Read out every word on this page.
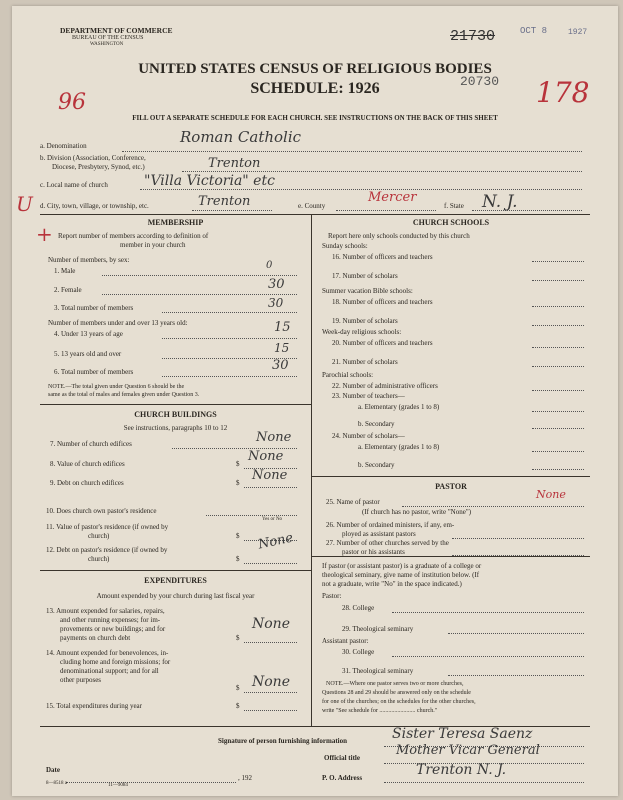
DEPARTMENT OF COMMERCE
BUREAU OF THE CENSUS
WASHINGTON	21730	OCT 8	1927
UNITED STATES CENSUS OF RELIGIOUS BODIES
SCHEDULE: 1926	20730
96	178
FILL OUT A SEPARATE SCHEDULE FOR EACH CHURCH. SEE INSTRUCTIONS ON THE BACK OF THIS SHEET
a. Denomination	Roman Catholic
b. Division (Association, Conference,
Diocese, Presbytery, Synod, etc.)	Trenton
c. Local name of church	"Villa Victoria" etc
U d. City, town, village, or township, etc.	Trenton	e. County
Mercer
f. State N. J.
MEMBERSHIP
+ Report number of members according to definition of
member in your church
Number of members, by sex:
1. Male	0
2. Female	30
3. Total number of members	30
Number of members under and over 13 years old:
4. Under 13 years of age	15
5. 13 years old and over	15
6. Total number of members	30
NOTE.—The total given under Question 6 should be the
same as the total of males and females given under Question 3.
CHURCH BUILDINGS
See instructions, paragraphs 10 to 12
7. Number of church edifices	None
8. Value of church edifices	$ None
9. Debt on church edifices	$ None
10. Does church own pastor's residence
Yes or No
11. Value of pastor's residence (if owned by
church)	$
12. Debt on pastor's residence (if owned by
church)	$
None
EXPENDITURES
Amount expended by your church during last fiscal year
13. Amount expended for salaries, repairs,
and other running expenses; for im-
provements or new buildings; and for
payments on church debt	$
None
14. Amount expended for benevolences, in-
cluding home and foreign missions; for
denominational support; and for all
other purposes
$ None
15. Total expenditures during year	$
CHURCH SCHOOLS
Report here only schools conducted by this church
Sunday schools:
16. Number of officers and teachers
17. Number of scholars
Summer vacation Bible schools:
18. Number of officers and teachers
19. Number of scholars
Week-day religious schools:
20. Number of officers and teachers
21. Number of scholars
Parochial schools:
22. Number of administrative officers
23. Number of teachers—
a. Elementary (grades 1 to 8)
b. Secondary
24. Number of scholars—
a. Elementary (grades 1 to 8)
b. Secondary
PASTOR
25. Name of pastor
None
(If church has no pastor, write "None")
26. Number of ordained ministers, if any, em-
ployed as assistant pastors
27. Number of other churches served by the
pastor or his assistants
If pastor (or assistant pastor) is a graduate of a college or
theological seminary, give name of institution below. (If
not a graduate, write "No" in the space indicated.)
Pastor:
28. College
29. Theological seminary
Assistant pastor:
30. College
31. Theological seminary
NOTE.—Where one pastor serves two or more churches,
Questions 28 and 29 should be answered only on the schedule
for one of the churches; on the schedules for the other churches,
write "See schedule for ........................ church."
Signature of person furnishing information	Sister Teresa Saenz
Official title	Mother Vicar General
Date
, 192	P. O. Address	Trenton N. J.
8—8518 a	11—9084
